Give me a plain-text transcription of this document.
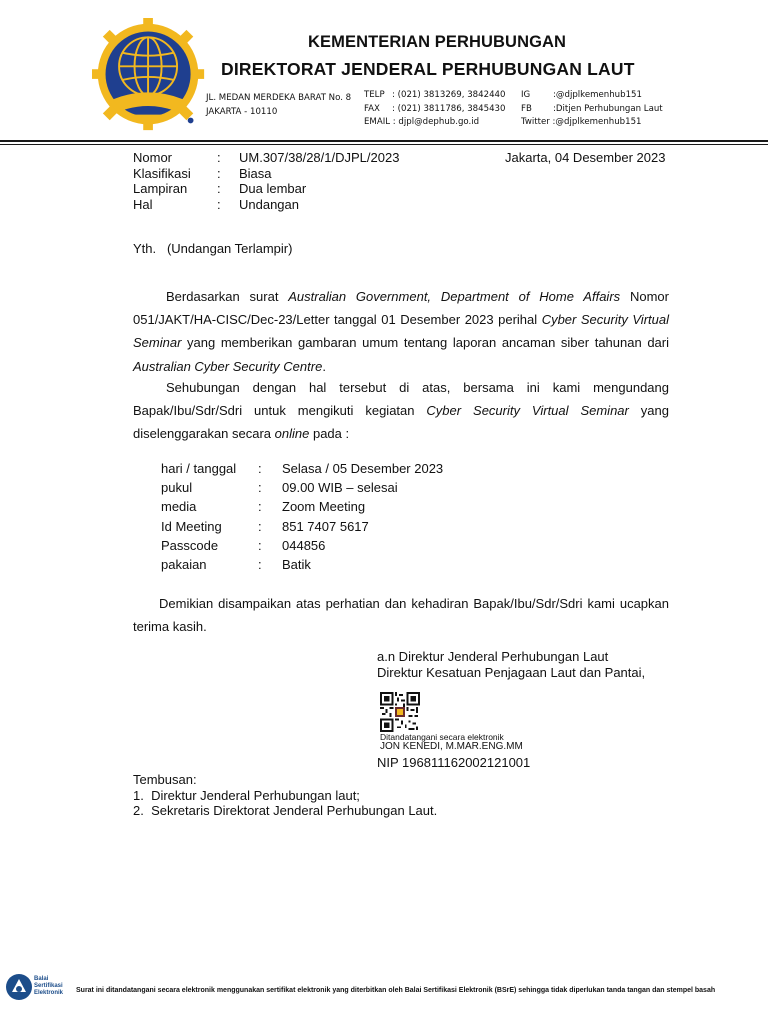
KEMENTERIAN PERHUBUNGAN
DIREKTORAT JENDERAL PERHUBUNGAN LAUT
JL. MEDAN MERDEKA BARAT No. 8
JAKARTA - 10110
TELP : (021) 3813269, 3842440
FAX	: (021) 3811786, 3845430
EMAIL : djpl@dephub.go.id
IG	:@djplkemenhub151
FB	:Ditjen Perhubungan Laut
Twitter :@djplkemenhub151
Nomor	:	UM.307/38/28/1/DJPL/2023
Klasifikasi	:	Biasa
Lampiran	:	Dua lembar
Hal	:	Undangan
Jakarta, 04 Desember 2023
Yth.   (Undangan Terlampir)
Berdasarkan surat Australian Government, Department of Home Affairs Nomor 051/JAKT/HA-CISC/Dec-23/Letter tanggal 01 Desember 2023 perihal Cyber Security Virtual Seminar yang memberikan gambaran umum tentang laporan ancaman siber tahunan dari Australian Cyber Security Centre.
Sehubungan dengan hal tersebut di atas, bersama ini kami mengundang Bapak/Ibu/Sdr/Sdri untuk mengikuti kegiatan Cyber Security Virtual Seminar yang diselenggarakan secara online pada :
hari / tanggal	:	Selasa / 05 Desember 2023
pukul	:	09.00 WIB – selesai
media	:	Zoom Meeting
Id Meeting	:	851 7407 5617
Passcode	:	044856
pakaian	:	Batik
Demikian disampaikan atas perhatian dan kehadiran Bapak/Ibu/Sdr/Sdri kami ucapkan terima kasih.
a.n Direktur Jenderal Perhubungan Laut
Direktur Kesatuan Penjagaan Laut dan Pantai,
Ditandatangani secara elektronik
JON KENEDI, M.MAR.ENG.MM
NIP 196811162002121001
Tembusan:
1.  Direktur Jenderal Perhubungan laut;
2.  Sekretaris Direktorat Jenderal Perhubungan Laut.
Balai
Sertifikasi
Elektronik Surat ini ditandatangani secara elektronik menggunakan sertifikat elektronik yang diterbitkan oleh Balai Sertifikasi Elektronik (BSrE) sehingga tidak diperlukan tanda tangan dan stempel basah
